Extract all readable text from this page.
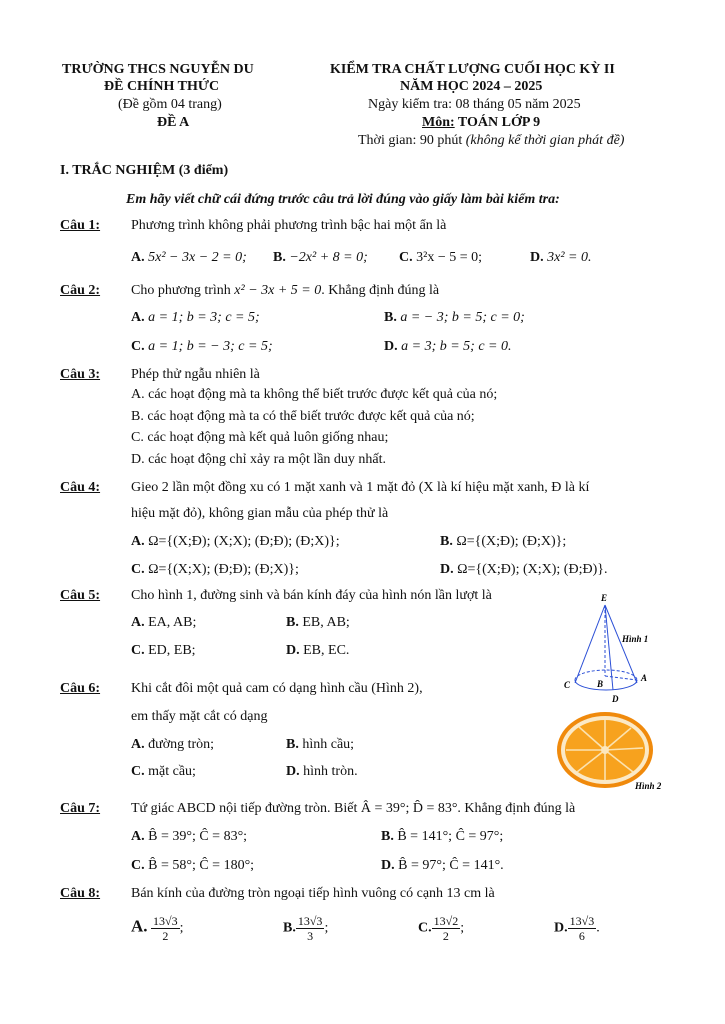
TRƯỜNG THCS NGUYỄN DU
ĐỀ CHÍNH THỨC
(Đề gồm 04 trang)
ĐỀ A
KIỂM TRA CHẤT LƯỢNG CUỐI HỌC KỲ II
NĂM HỌC 2024 – 2025
Ngày kiểm tra: 08 tháng 05 năm 2025
Môn: TOÁN LỚP 9
Thời gian: 90 phút (không kể thời gian phát đề)
I. TRẮC NGHIỆM (3 điểm)
Em hãy viết chữ cái đứng trước câu trả lời đúng vào giấy làm bài kiểm tra:
Câu 1: Phương trình không phải phương trình bậc hai một ẩn là
A. 5x² − 3x − 2 = 0; B. −2x² + 8 = 0; C. 3²x − 5 = 0;	D. 3x² = 0.
Câu 2: Cho phương trình x² − 3x + 5 = 0. Khẳng định đúng là
A. a = 1; b = 3; c = 5;	B. a = − 3; b = 5; c = 0;
C. a = 1; b = − 3; c = 5;	D. a = 3; b = 5; c = 0.
Câu 3: Phép thử ngẫu nhiên là
A. các hoạt động mà ta không thể biết trước được kết quả của nó;
B. các hoạt động mà ta có thể biết trước được kết quả của nó;
C. các hoạt động mà kết quả luôn giống nhau;
D. các hoạt động chỉ xảy ra một lần duy nhất.
Câu 4: Gieo 2 lần một đồng xu có 1 mặt xanh và 1 mặt đỏ (X là kí hiệu mặt xanh, Đ là kí
hiệu mặt đỏ), không gian mẫu của phép thử là
A. Ω={(X;Đ); (X;X); (Đ;Đ); (Đ;X)};	B. Ω={(X;Đ); (Đ;X)};
C. Ω={(X;X); (Đ;Đ); (Đ;X)};	D. Ω={(X;Đ); (X;X); (Đ;Đ)}.
Câu 5: Cho hình 1, đường sinh và bán kính đáy của hình nón lần lượt là
A. EA, AB;	B. EB, AB;
C. ED, EB;	D. EB, EC.
E
A
B
C
D
Hình 1
Câu 6: Khi cắt đôi một quả cam có dạng hình cầu (Hình 2),
em thấy mặt cắt có dạng
A. đường tròn;	B. hình cầu;
C. mặt cầu;	D. hình tròn.
Hình 2
Câu 7: Tứ giác ABCD nội tiếp đường tròn. Biết Â = 39°; D̂ = 83°. Khẳng định đúng là
A. B̂ = 39°; Ĉ = 83°;	B. B̂ = 141°; Ĉ = 97°;
C. B̂ = 58°; Ĉ = 180°;	D. B̂ = 97°; Ĉ = 141°.
Câu 8: Bán kính của đường tròn ngoại tiếp hình vuông có cạnh 13 cm là
A. $\frac{13√3}{2}$ ;	B. $\frac{13√3}{3}$ ;	C. $\frac{13√2}{2}$ ;	D. $\frac{13√3}{6}$ .
